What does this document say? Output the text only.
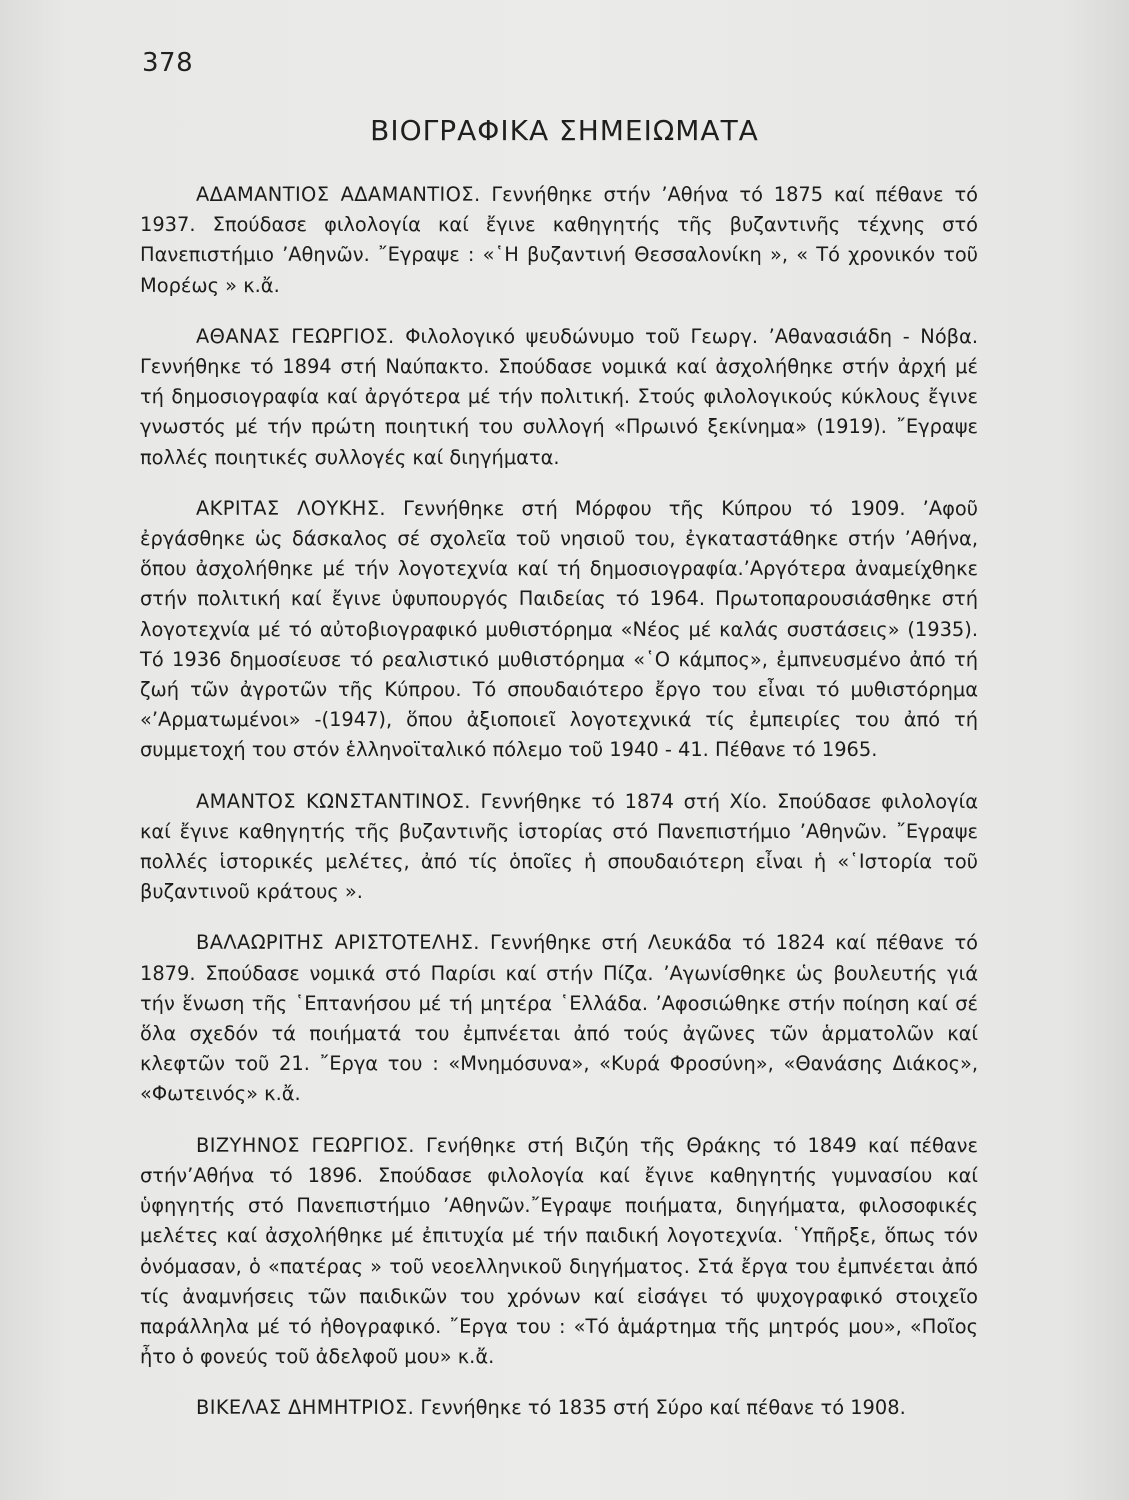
378
ΒΙΟΓΡΑΦΙΚΑ ΣΗΜΕΙΩΜΑΤΑ

ΑΔΑΜΑΝΤΙΟΣ ΑΔΑΜΑΝΤΙΟΣ. Γεννήθηκε στήν ’Αθήνα τό 1875 καί πέθανε τό 1937. Σπούδασε φιλολογία καί ἔγινε καθηγητής τῆς βυζαντινῆς τέχνης στό Πανεπιστήμιο ’Αθηνῶν. ῎Εγραψε : «῾Η βυζαντινή Θεσσαλονίκη », « Τό χρονικόν τοῦ Μορέως » κ.ἄ.

ΑΘΑΝΑΣ ΓΕΩΡΓΙΟΣ. Φιλολογικό ψευδώνυμο τοῦ Γεωργ. ’Αθανασιάδη - Νόβα. Γεννήθηκε τό 1894 στή Ναύπακτο. Σπούδασε νομικά καί ἀσχολήθηκε στήν ἀρχή μέ τή δημοσιογραφία καί ἀργότερα μέ τήν πολιτική. Στούς φιλολογικούς κύκλους ἔγινε γνωστός μέ τήν πρώτη ποιητική του συλλογή «Πρωινό ξεκίνημα» (1919). ῎Εγραψε πολλές ποιητικές συλλογές καί διηγήματα.

ΑΚΡΙΤΑΣ ΛΟΥΚΗΣ. Γεννήθηκε στή Μόρφου τῆς Κύπρου τό 1909. ’Αφοῦ ἐργάσθηκε ὡς δάσκαλος σέ σχολεῖα τοῦ νησιοῦ του, ἐγκαταστάθηκε στήν ’Αθήνα, ὅπου ἀσχολήθηκε μέ τήν λογοτεχνία καί τή δημοσιογραφία.’Αργότερα ἀναμείχθηκε στήν πολιτική καί ἔγινε ὑφυπουργός Παιδείας τό 1964. Πρωτοπαρουσιάσθηκε στή λογοτεχνία μέ τό αὐτοβιογραφικό μυθιστόρημα «Νέος μέ καλάς συστάσεις» (1935). Τό 1936 δημοσίευσε τό ρεαλιστικό μυθιστόρημα «῾Ο κάμπος», ἐμπνευσμένο ἀπό τή ζωή τῶν ἀγροτῶν τῆς Κύπρου. Τό σπουδαιότερο ἔργο του εἶναι τό μυθιστόρημα «’Αρματωμένοι» -(1947), ὅπου ἀξιοποιεῖ λογοτεχνικά τίς ἐμπειρίες του ἀπό τή συμμετοχή του στόν ἑλληνοϊταλικό πόλεμο τοῦ 1940 - 41. Πέθανε τό 1965.

ΑΜΑΝΤΟΣ ΚΩΝΣΤΑΝΤΙΝΟΣ. Γεννήθηκε τό 1874 στή Χίο. Σπούδασε φιλολογία καί ἔγινε καθηγητής τῆς βυζαντινῆς ἱστορίας στό Πανεπιστήμιο ’Αθηνῶν. ῎Εγραψε πολλές ἱστορικές μελέτες, ἀπό τίς ὁποῖες ἡ σπουδαιότερη εἶναι ἡ «῾Ιστορία τοῦ βυζαντινοῦ κράτους ».

ΒΑΛΑΩΡΙΤΗΣ ΑΡΙΣΤΟΤΕΛΗΣ. Γεννήθηκε στή Λευκάδα τό 1824 καί πέθανε τό 1879. Σπούδασε νομικά στό Παρίσι καί στήν Πίζα. ’Αγωνίσθηκε ὡς βουλευτής γιά τήν ἕνωση τῆς ῾Επτανήσου μέ τή μητέρα ῾Ελλάδα. ’Αφοσιώθηκε στήν ποίηση καί σέ ὅλα σχεδόν τά ποιήματά του ἐμπνέεται ἀπό τούς ἀγῶνες τῶν ἁρματολῶν καί κλεφτῶν τοῦ 21. ῎Εργα του : «Μνημόσυνα», «Κυρά Φροσύνη», «Θανάσης Διάκος», «Φωτεινός» κ.ἄ.

ΒΙΖΥΗΝΟΣ ΓΕΩΡΓΙΟΣ. Γενήθηκε στή Βιζύη τῆς Θράκης τό 1849 καί πέθανε στήν’Αθήνα τό 1896. Σπούδασε φιλολογία καί ἔγινε καθηγητής γυμνασίου καί ὑφηγητής στό Πανεπιστήμιο ’Αθηνῶν.῎Εγραψε ποιήματα, διηγήματα, φιλοσοφικές μελέτες καί ἀσχολήθηκε μέ ἐπιτυχία μέ τήν παιδική λογοτεχνία. ῾Υπῆρξε, ὅπως τόν ὀνόμασαν, ὁ «πατέρας » τοῦ νεοελληνικοῦ διηγήματος. Στά ἔργα του ἐμπνέεται ἀπό τίς ἀναμνήσεις τῶν παιδικῶν του χρόνων καί εἰσάγει τό ψυχογραφικό στοιχεῖο παράλληλα μέ τό ἠθογραφικό. ῎Εργα του : «Τό ἁμάρτημα τῆς μητρός μου», «Ποῖος ἦτο ὁ φονεύς τοῦ ἀδελφοῦ μου» κ.ἄ.

ΒΙΚΕΛΑΣ ΔΗΜΗΤΡΙΟΣ. Γεννήθηκε τό 1835 στή Σύρο καί πέθανε τό 1908.
